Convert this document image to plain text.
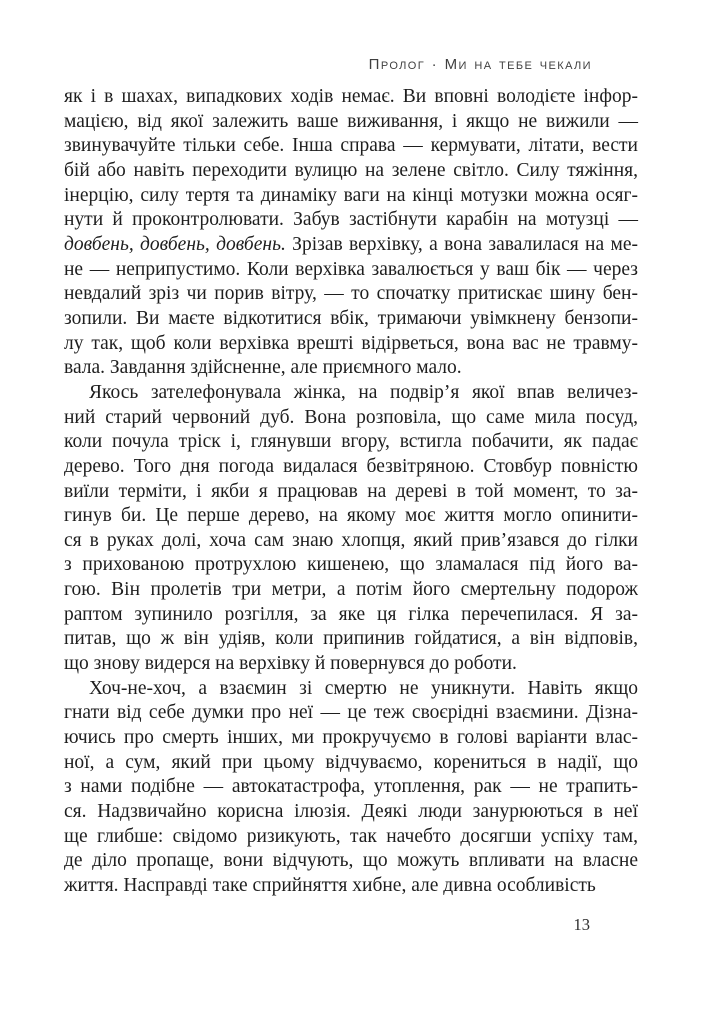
Пролог · Ми на тебе чекали
як і в шахах, випадкових ходів немає. Ви вповні володієте інфор-
мацією, від якої залежить ваше виживання, і якщо не вижили —
звинувачуйте тільки себе. Інша справа — кермувати, літати, вести
бій або навіть переходити вулицю на зелене світло. Силу тяжіння,
інерцію, силу тертя та динаміку ваги на кінці мотузки можна осяг-
нути й проконтролювати. Забув застібнути карабін на мотузці —
довбень, довбень, довбень. Зрізав верхівку, а вона завалилася на ме-
не — неприпустимо. Коли верхівка завалюється у ваш бік — через
невдалий зріз чи порив вітру, — то спочатку притискає шину бен-
зопили. Ви маєте відкотитися вбік, тримаючи увімкнену бензопи-
лу так, щоб коли верхівка врешті відірветься, вона вас не травму-
вала. Завдання здійсненне, але приємного мало.
Якось зателефонувала жінка, на подвір’я якої впав величез-
ний старий червоний дуб. Вона розповіла, що саме мила посуд,
коли почула тріск і, глянувши вгору, встигла побачити, як падає
дерево. Того дня погода видалася безвітряною. Стовбур повністю
виїли терміти, і якби я працював на дереві в той момент, то за-
гинув би. Це перше дерево, на якому моє життя могло опинити-
ся в руках долі, хоча сам знаю хлопця, який прив’язався до гілки
з прихованою протрухлою кишенею, що зламалася під його ва-
гою. Він пролетів три метри, а потім його смертельну подорож
раптом зупинило розгілля, за яке ця гілка перечепилася. Я за-
питав, що ж він удіяв, коли припинив гойдатися, а він відповів,
що знову видерся на верхівку й повернувся до роботи.
Хоч-не-хоч, а взаємин зі смертю не уникнути. Навіть якщо
гнати від себе думки про неї — це теж своєрідні взаємини. Дізна-
ючись про смерть інших, ми прокручуємо в голові варіанти влас-
ної, а сум, який при цьому відчуваємо, корениться в надії, що
з нами подібне — автокатастрофа, утоплення, рак — не трапить-
ся. Надзвичайно корисна ілюзія. Деякі люди занурюються в неї
ще глибше: свідомо ризикують, так начебто досягши успіху там,
де діло пропаще, вони відчують, що можуть впливати на власне
життя. Насправді таке сприйняття хибне, але дивна особливість
13
